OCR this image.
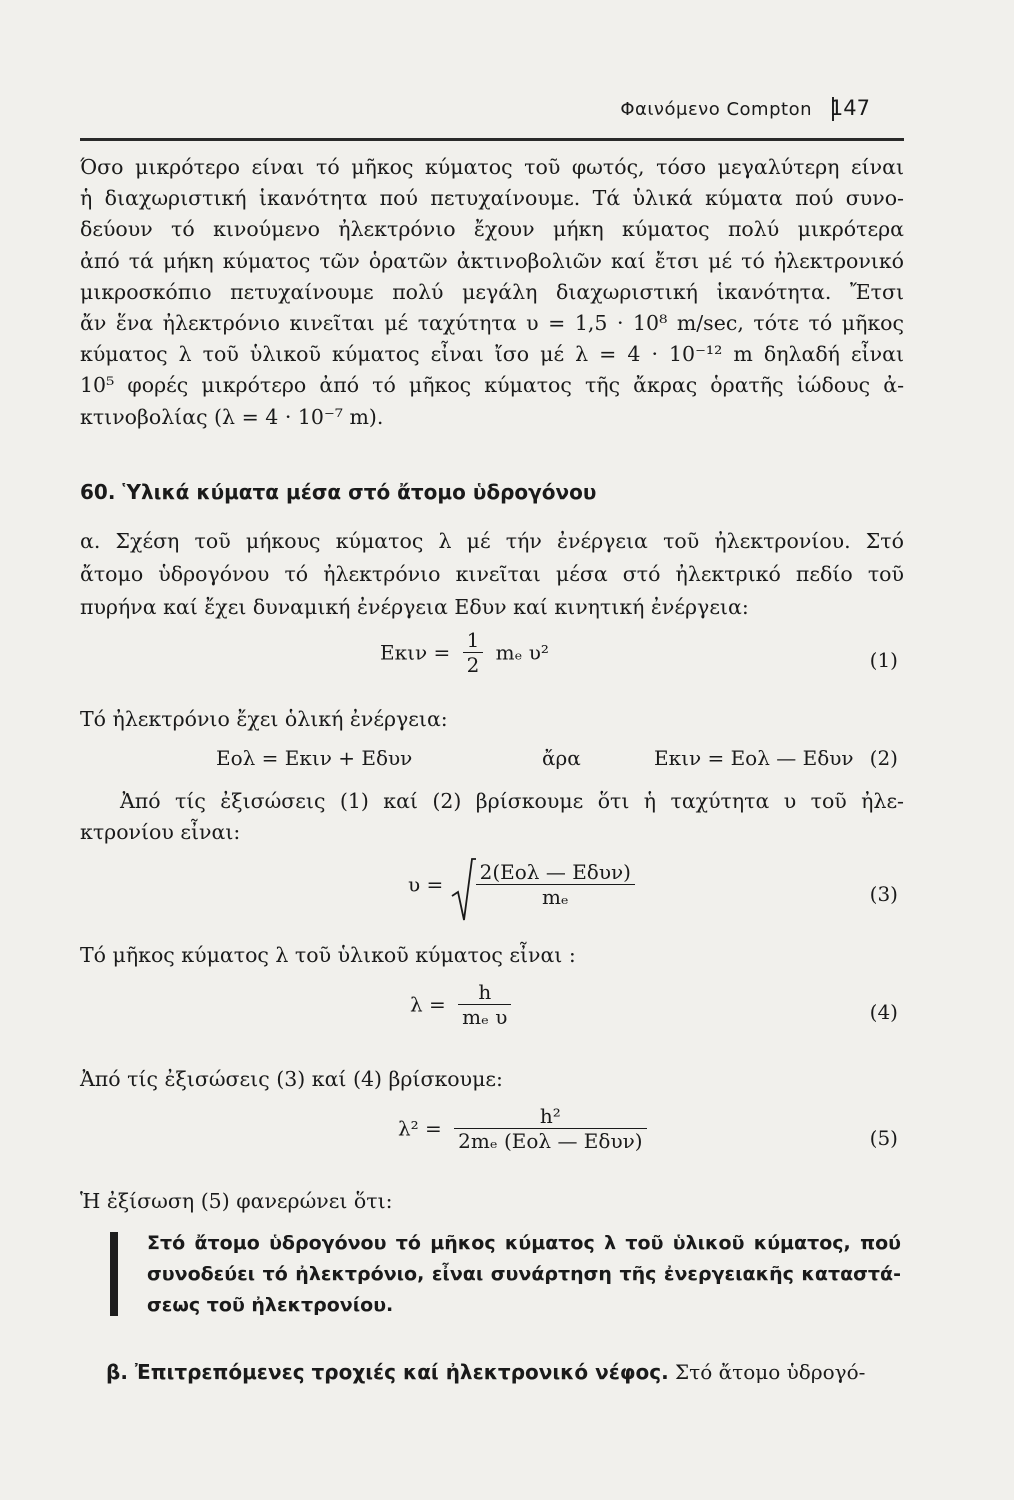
Φαινόμενο Compton 147
Όσο μικρότερο είναι τό μῆκος κύματος τοῦ φωτός, τόσο μεγαλύτερη είναι
ἡ διαχωριστική ἱκανότητα πού πετυχαίνουμε. Τά ὑλικά κύματα πού συνο-
δεύουν τό κινούμενο ἠλεκτρόνιο ἔχουν μήκη κύματος πολύ μικρότερα
ἀπό τά μήκη κύματος τῶν ὁρατῶν ἀκτινοβολιῶν καί ἔτσι μέ τό ἠλεκτρονικό
μικροσκόπιο πετυχαίνουμε πολύ μεγάλη διαχωριστική ἱκανότητα. Ἔτσι
ἄν ἕνα ἠλεκτρόνιο κινεῖται μέ ταχύτητα υ = 1,5 · 10⁸ m/sec, τότε τό μῆκος
κύματος λ τοῦ ὑλικοῦ κύματος εἶναι ἴσο μέ λ = 4 · 10⁻¹² m δηλαδή εἶναι
10⁵ φορές μικρότερο ἀπό τό μῆκος κύματος τῆς ἄκρας ὁρατῆς ἰώδους ἀ-
κτινοβολίας (λ = 4 · 10⁻⁷ m).
60. Ὑλικά κύματα μέσα στό ἄτομο ὑδρογόνου
α. Σχέση τοῦ μήκους κύματος λ μέ τήν ἐνέργεια τοῦ ἠλεκτρονίου. Στό
ἄτομο ὑδρογόνου τό ἠλεκτρόνιο κινεῖται μέσα στό ἠλεκτρικό πεδίο τοῦ
πυρήνα καί ἔχει δυναμική ἐνέργεια Eδυν καί κινητική ἐνέργεια:
$E\kappa\iota\nu = \frac{1}{2}$ mₑ υ²	(1)
Τό ἠλεκτρόνιο ἔχει ὁλική ἐνέργεια:
Eολ = Eκιν + Eδυν	ἄρα	Eκιν = Eολ — Eδυν (2)
Ἀπό τίς ἐξισώσεις (1) καί (2) βρίσκουμε ὅτι ἡ ταχύτητα υ τοῦ ἠλε-
κτρονίου εἶναι:
$\upsilon = \frac{\text{2(Eολ — Eδυν)}}{\text{mₑ}}$	(3)
Τό μῆκος κύματος λ τοῦ ὑλικοῦ κύματος εἶναι :
$\lambda = \frac{h}{\text{mₑ υ}}$	(4)
Ἀπό τίς ἐξισώσεις (3) καί (4) βρίσκουμε:
$\lambda^2 = \frac{\text{h²}}{\text{2mₑ (Eολ — Eδυν)}}$	(5)
Ἡ ἐξίσωση (5) φανερώνει ὅτι:
Στό ἄτομο ὑδρογόνου τό μῆκος κύματος λ τοῦ ὑλικοῦ κύματος, πού
συνοδεύει τό ἠλεκτρόνιο, εἶναι συνάρτηση τῆς ἐνεργειακῆς καταστά-
σεως τοῦ ἠλεκτρονίου.
β. Ἐπιτρεπόμενες τροχιές καί ἠλεκτρονικό νέφος. Στό ἄτομο ὑδρογό-
